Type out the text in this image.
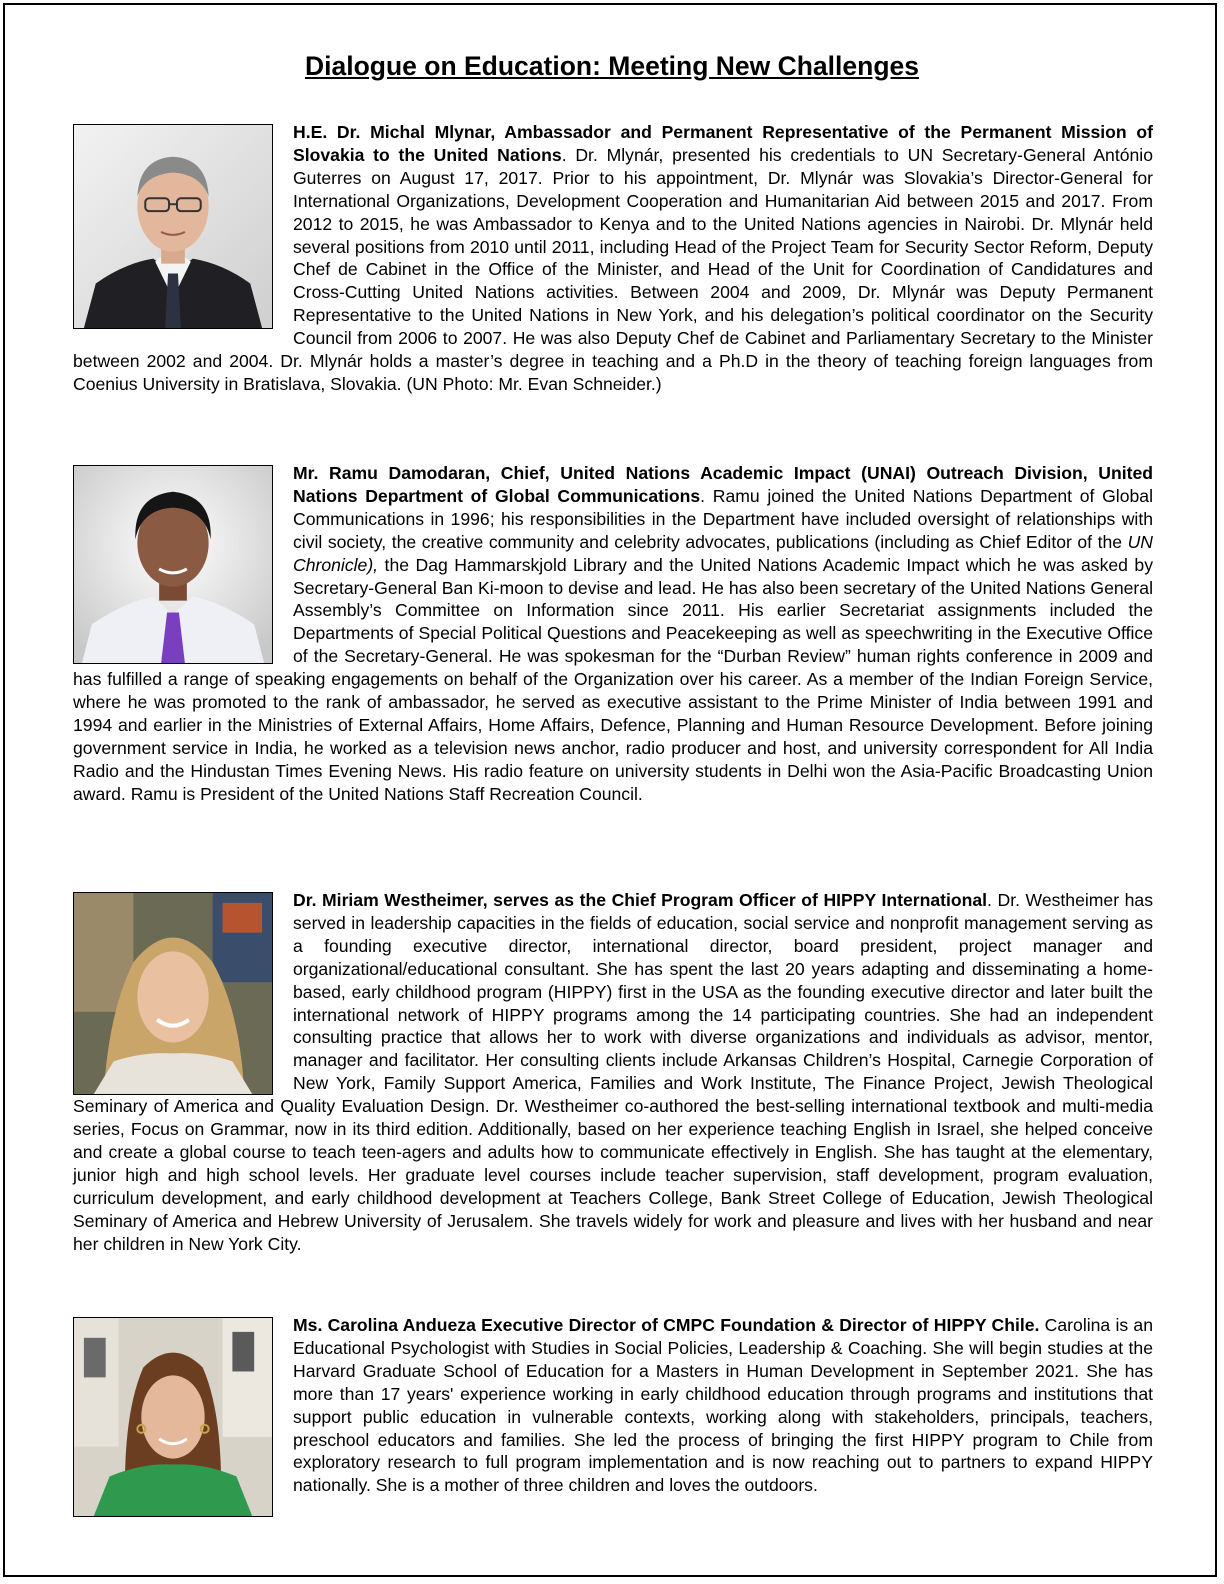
Dialogue on Education: Meeting New Challenges
H.E. Dr. Michal Mlynar, Ambassador and Permanent Representative of the Permanent Mission of Slovakia to the United Nations. Dr. Mlynár, presented his credentials to UN Secretary-General António Guterres on August 17, 2017. Prior to his appointment, Dr. Mlynár was Slovakia’s Director-General for International Organizations, Development Cooperation and Humanitarian Aid between 2015 and 2017. From 2012 to 2015, he was Ambassador to Kenya and to the United Nations agencies in Nairobi. Dr. Mlynár held several positions from 2010 until 2011, including Head of the Project Team for Security Sector Reform, Deputy Chef de Cabinet in the Office of the Minister, and Head of the Unit for Coordination of Candidatures and Cross-Cutting United Nations activities. Between 2004 and 2009, Dr. Mlynár was Deputy Permanent Representative to the United Nations in New York, and his delegation’s political coordinator on the Security Council from 2006 to 2007. He was also Deputy Chef de Cabinet and Parliamentary Secretary to the Minister between 2002 and 2004. Dr. Mlynár holds a master’s degree in teaching and a Ph.D in the theory of teaching foreign languages from Coenius University in Bratislava, Slovakia. (UN Photo: Mr. Evan Schneider.)
Mr. Ramu Damodaran, Chief, United Nations Academic Impact (UNAI) Outreach Division, United Nations Department of Global Communications. Ramu joined the United Nations Department of Global Communications in 1996; his responsibilities in the Department have included oversight of relationships with civil society, the creative community and celebrity advocates, publications (including as Chief Editor of the UN Chronicle), the Dag Hammarskjold Library and the United Nations Academic Impact which he was asked by Secretary-General Ban Ki-moon to devise and lead. He has also been secretary of the United Nations General Assembly’s Committee on Information since 2011. His earlier Secretariat assignments included the Departments of Special Political Questions and Peacekeeping as well as speechwriting in the Executive Office of the Secretary-General. He was spokesman for the “Durban Review” human rights conference in 2009 and has fulfilled a range of speaking engagements on behalf of the Organization over his career. As a member of the Indian Foreign Service, where he was promoted to the rank of ambassador, he served as executive assistant to the Prime Minister of India between 1991 and 1994 and earlier in the Ministries of External Affairs, Home Affairs, Defence, Planning and Human Resource Development. Before joining government service in India, he worked as a television news anchor, radio producer and host, and university correspondent for All India Radio and the Hindustan Times Evening News. His radio feature on university students in Delhi won the Asia-Pacific Broadcasting Union award. Ramu is President of the United Nations Staff Recreation Council.
Dr. Miriam Westheimer, serves as the Chief Program Officer of HIPPY International. Dr. Westheimer has served in leadership capacities in the fields of education, social service and nonprofit management serving as a founding executive director, international director, board president, project manager and organizational/educational consultant. She has spent the last 20 years adapting and disseminating a home-based, early childhood program (HIPPY) first in the USA as the founding executive director and later built the international network of HIPPY programs among the 14 participating countries. She had an independent consulting practice that allows her to work with diverse organizations and individuals as advisor, mentor, manager and facilitator. Her consulting clients include Arkansas Children’s Hospital, Carnegie Corporation of New York, Family Support America, Families and Work Institute, The Finance Project, Jewish Theological Seminary of America and Quality Evaluation Design. Dr. Westheimer co-authored the best-selling international textbook and multi-media series, Focus on Grammar, now in its third edition. Additionally, based on her experience teaching English in Israel, she helped conceive and create a global course to teach teen-agers and adults how to communicate effectively in English. She has taught at the elementary, junior high and high school levels. Her graduate level courses include teacher supervision, staff development, program evaluation, curriculum development, and early childhood development at Teachers College, Bank Street College of Education, Jewish Theological Seminary of America and Hebrew University of Jerusalem. She travels widely for work and pleasure and lives with her husband and near her children in New York City.
Ms. Carolina Andueza Executive Director of CMPC Foundation & Director of HIPPY Chile. Carolina is an Educational Psychologist with Studies in Social Policies, Leadership & Coaching. She will begin studies at the Harvard Graduate School of Education for a Masters in Human Development in September 2021. She has more than 17 years' experience working in early childhood education through programs and institutions that support public education in vulnerable contexts, working along with stakeholders, principals, teachers, preschool educators and families. She led the process of bringing the first HIPPY program to Chile from exploratory research to full program implementation and is now reaching out to partners to expand HIPPY nationally. She is a mother of three children and loves the outdoors.
